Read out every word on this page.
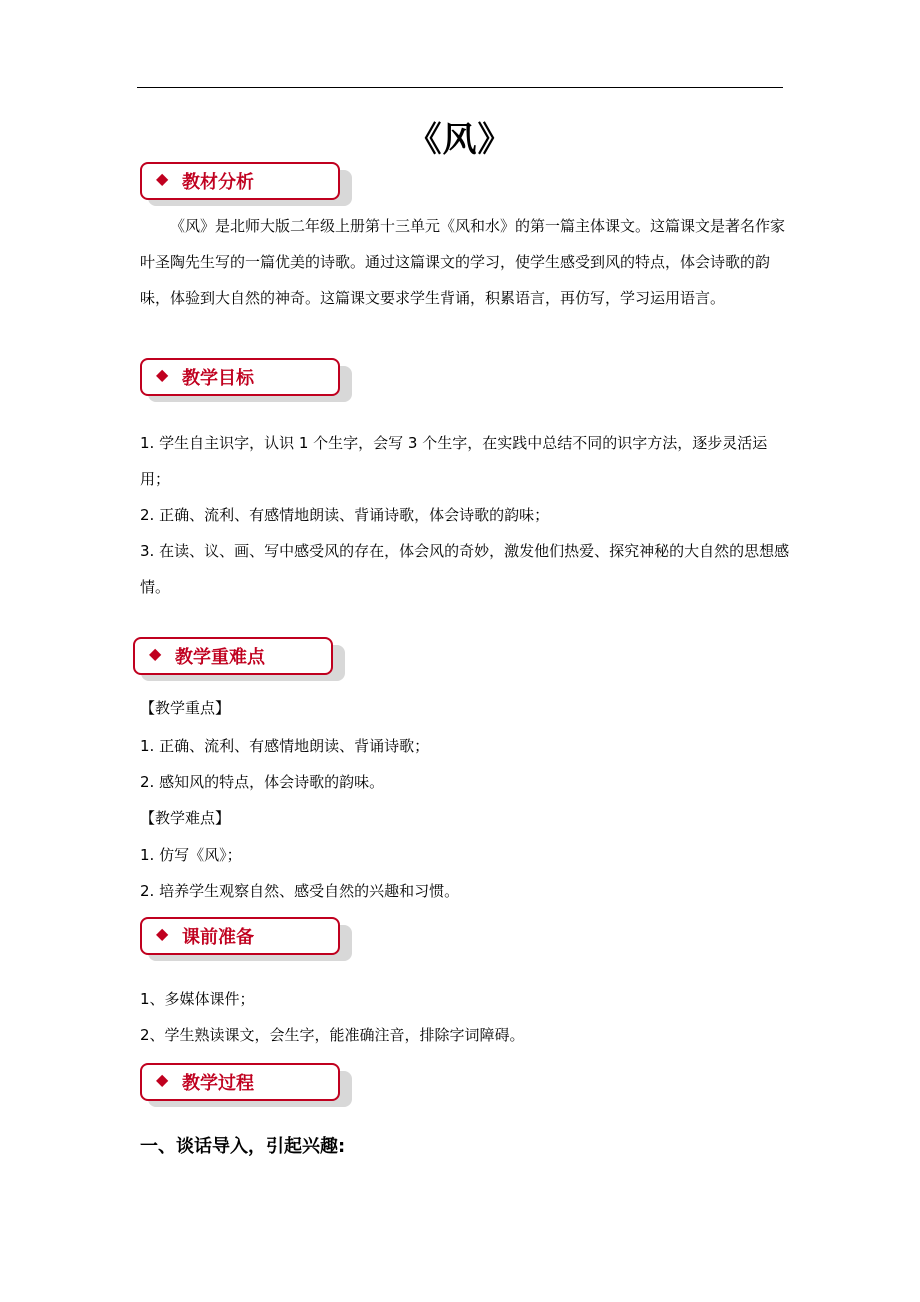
《风》
◆ 教材分析
《风》是北师大版二年级上册第十三单元《风和水》的第一篇主体课文。这篇课文是著名作家叶圣陶先生写的一篇优美的诗歌。通过这篇课文的学习，使学生感受到风的特点，体会诗歌的韵味，体验到大自然的神奇。这篇课文要求学生背诵，积累语言，再仿写，学习运用语言。
◆ 教学目标
1. 学生自主识字，认识 1 个生字，会写 3 个生字，在实践中总结不同的识字方法，逐步灵活运用；
2. 正确、流利、有感情地朗读、背诵诗歌，体会诗歌的韵味；
3. 在读、议、画、写中感受风的存在，体会风的奇妙，激发他们热爱、探究神秘的大自然的思想感情。
◆ 教学重难点
【教学重点】
1. 正确、流利、有感情地朗读、背诵诗歌；
2. 感知风的特点，体会诗歌的韵味。
【教学难点】
1. 仿写《风》；
2. 培养学生观察自然、感受自然的兴趣和习惯。
◆ 课前准备
1、多媒体课件；
2、学生熟读课文，会生字，能准确注音，排除字词障碍。
◆ 教学过程
一、谈话导入，引起兴趣:
